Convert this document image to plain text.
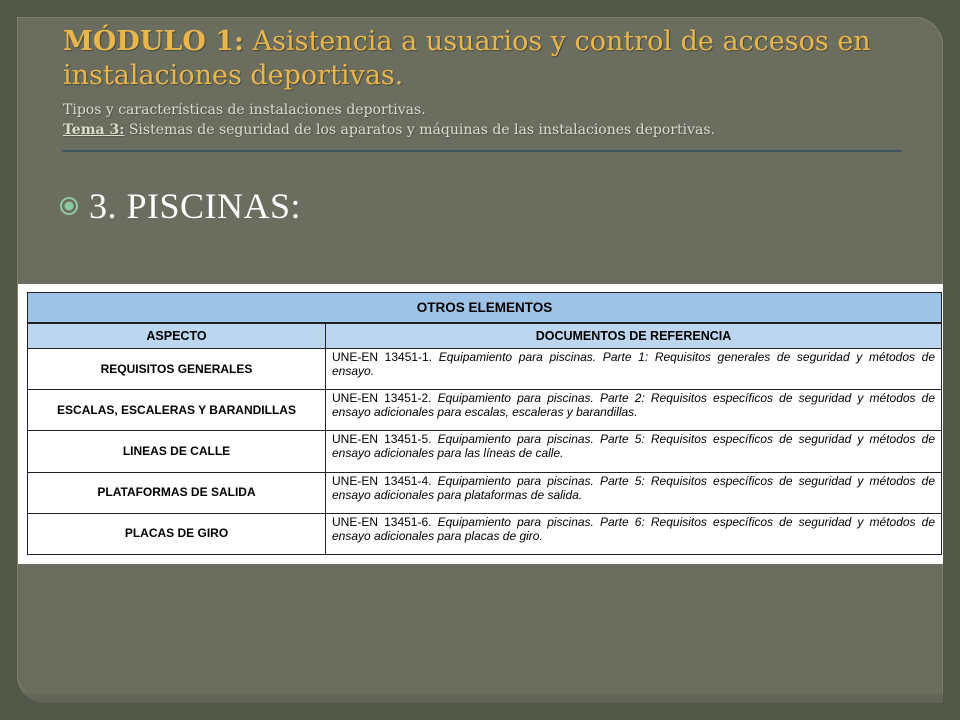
MÓDULO 1: Asistencia a usuarios y control de accesos en instalaciones deportivas.
Tipos y características de instalaciones deportivas.
Tema 3: Sistemas de seguridad de los aparatos y máquinas de las instalaciones deportivas.
3. PISCINAS:
OTROS ELEMENTOS	
ASPECTO	DOCUMENTOS DE REFERENCIA
REQUISITOS GENERALES	UNE-EN 13451-1. Equipamiento para piscinas. Parte 1: Requisitos generales de seguridad y métodos de ensayo.
ESCALAS, ESCALERAS Y BARANDILLAS	UNE-EN 13451-2. Equipamiento para piscinas. Parte 2: Requisitos específicos de seguridad y métodos de ensayo adicionales para escalas, escaleras y barandillas.
LINEAS DE CALLE	UNE-EN 13451-5. Equipamiento para piscinas. Parte 5: Requisitos específicos de seguridad y métodos de ensayo adicionales para las líneas de calle.
PLATAFORMAS DE SALIDA	UNE-EN 13451-4. Equipamiento para piscinas. Parte 5: Requisitos específicos de seguridad y métodos de ensayo adicionales para plataformas de salida.
PLACAS DE GIRO	UNE-EN 13451-6. Equipamiento para piscinas. Parte 6: Requisitos específicos de seguridad y métodos de ensayo adicionales para placas de giro.
